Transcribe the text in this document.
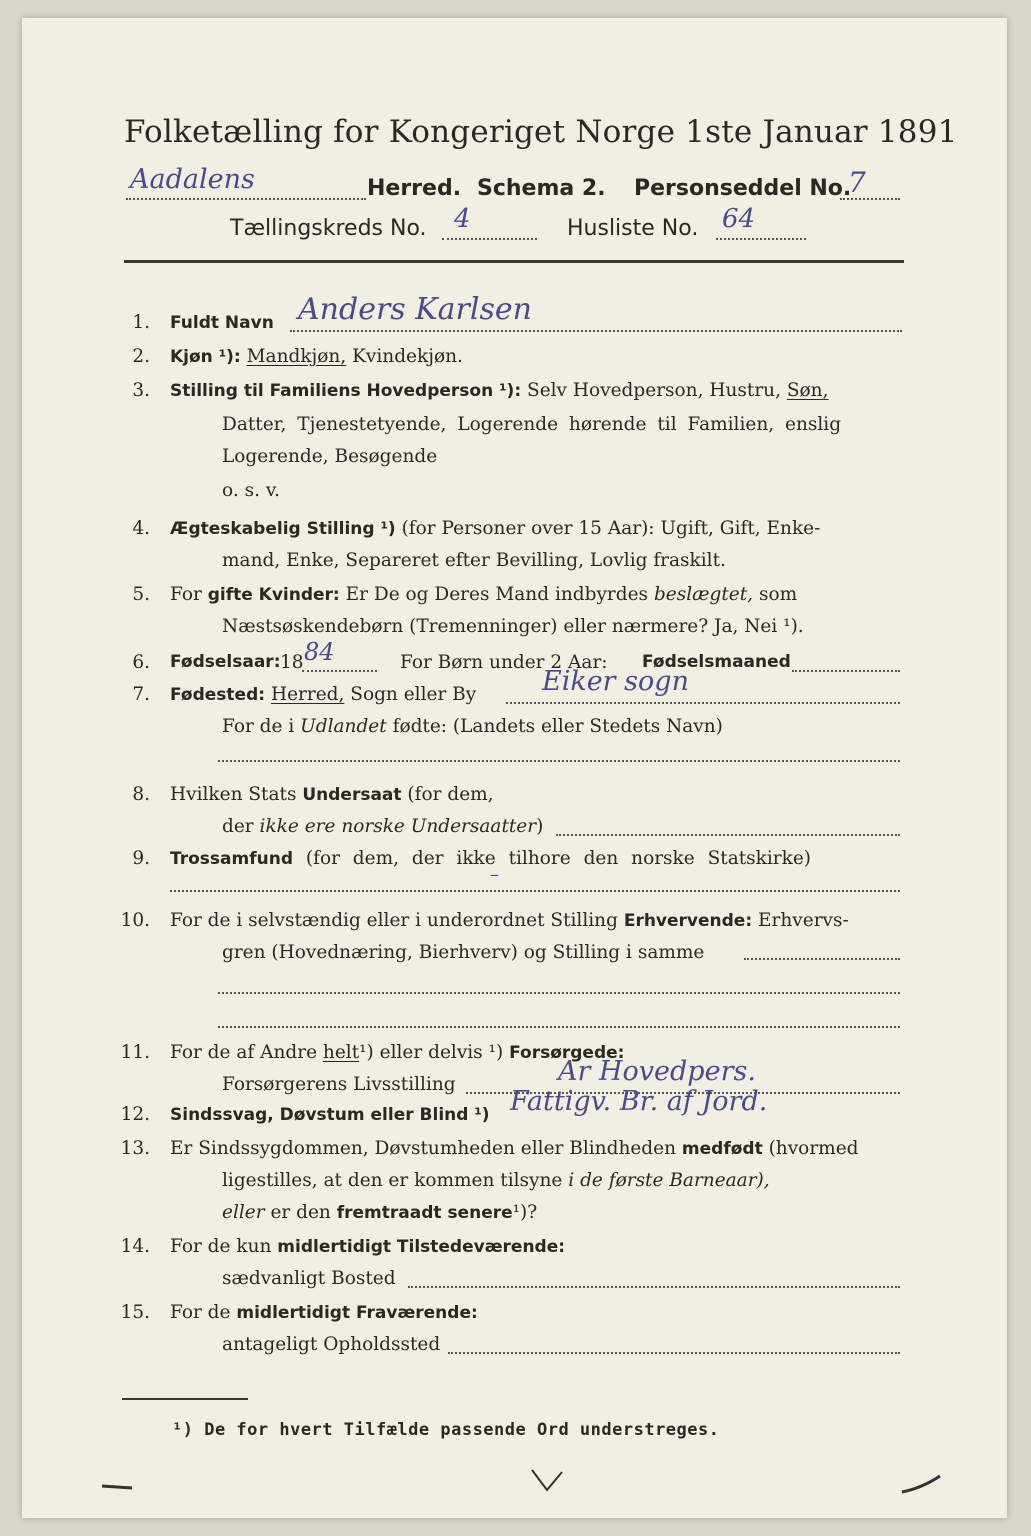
Folketælling for Kongeriget Norge 1ste Januar 1891
Aadalens	Herred. Schema 2. Personseddel No.
7
Tællingskreds No. 4	Husliste No. 64
1. Fuldt Navn Anders Karlsen
2. Kjøn ¹): Mandkjøn, Kvindekjøn.
3. Stilling til Familiens Hovedperson ¹): Selv Hovedperson, Hustru, Søn,
Datter, Tjenestetyende, Logerende hørende til Familien, enslig
Logerende, Besøgende
o. s. v.
4. Ægteskabelig Stilling ¹) (for Personer over 15 Aar): Ugift, Gift, Enke-
mand, Enke, Separeret efter Bevilling, Lovlig fraskilt.
5. For gifte Kvinder: Er De og Deres Mand indbyrdes beslægtet, som
Næstsøskendebørn (Tremenninger) eller nærmere? Ja, Nei ¹).
6. Fødselsaar: 18 84	For Børn under 2 Aar: Fødselsmaaned
7. Fødested: Herred, Sogn eller By Eiker sogn
For de i Udlandet fødte: (Landets eller Stedets Navn)
8. Hvilken Stats Undersaat (for dem,
der ikke ere norske Undersaatter)
9. Trossamfund (for dem, der ikke tilhore den norske Statskirke)
–
10. For de i selvstændig eller i underordnet Stilling Erhvervende: Erhvervs-
gren (Hovednæring, Bierhverv) og Stilling i samme
11. For de af Andre helt¹) eller delvis ¹) Forsørgede:
Forsørgerens Livsstilling	Ar Hovedpers.
12. Sindssvag, Døvstum eller Blind ¹) Fattigv. Br. af Jord.
13. Er Sindssygdommen, Døvstumheden eller Blindheden medfødt (hvormed
ligestilles, at den er kommen tilsyne i de første Barneaar),
eller er den fremtraadt senere¹)?
14. For de kun midlertidigt Tilstedeværende:
sædvanligt Bosted
15. For de midlertidigt Fraværende:
antageligt Opholdssted
¹) De for hvert Tilfælde passende Ord understreges.
